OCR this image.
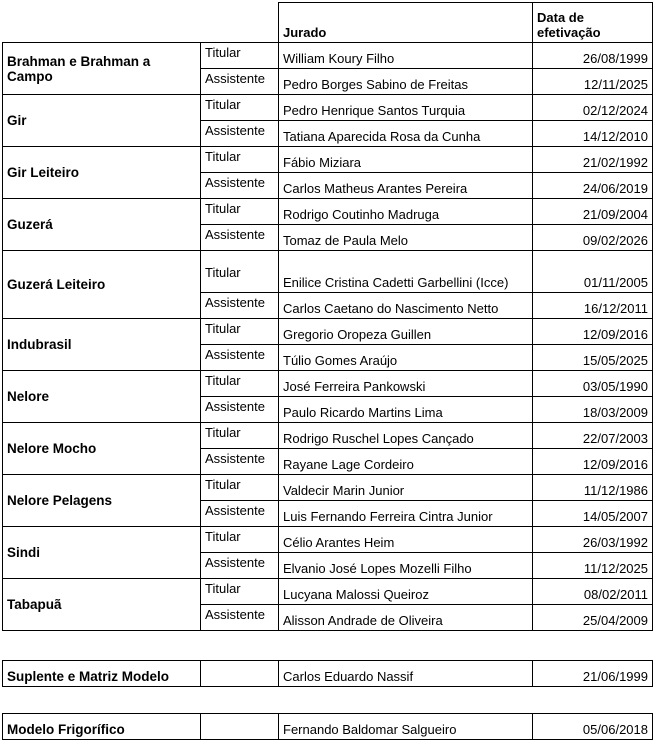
		Jurado	Data de efetivação
Brahman e Brahman a Campo	Titular	William Koury Filho	26/08/1999
	Assistente	Pedro Borges Sabino de Freitas	12/11/2025
Gir	Titular	Pedro Henrique Santos Turquia	02/12/2024
	Assistente	Tatiana Aparecida Rosa da Cunha	14/12/2010
Gir Leiteiro	Titular	Fábio Miziara	21/02/1992
	Assistente	Carlos Matheus Arantes Pereira	24/06/2019
Guzerá	Titular	Rodrigo Coutinho Madruga	21/09/2004
	Assistente	Tomaz de Paula Melo	09/02/2026
Guzerá Leiteiro	Titular	Enilice Cristina Cadetti Garbellini (Icce)	01/11/2005
	Assistente	Carlos Caetano do Nascimento Netto	16/12/2011
Indubrasil	Titular	Gregorio Oropeza Guillen	12/09/2016
	Assistente	Túlio Gomes Araújo	15/05/2025
Nelore	Titular	José Ferreira Pankowski	03/05/1990
	Assistente	Paulo Ricardo Martins Lima	18/03/2009
Nelore Mocho	Titular	Rodrigo Ruschel Lopes Cançado	22/07/2003
	Assistente	Rayane Lage Cordeiro	12/09/2016
Nelore Pelagens	Titular	Valdecir Marin Junior	11/12/1986
	Assistente	Luis Fernando Ferreira Cintra Junior	14/05/2007
Sindi	Titular	Célio Arantes Heim	26/03/1992
	Assistente	Elvanio José Lopes Mozelli Filho	11/12/2025
Tabapuã	Titular	Lucyana Malossi Queiroz	08/02/2011
	Assistente	Alisson Andrade de Oliveira	25/04/2009
Suplente e Matriz Modelo		Carlos Eduardo Nassif	21/06/1999
Modelo Frigorífico		Fernando Baldomar Salgueiro	05/06/2018
